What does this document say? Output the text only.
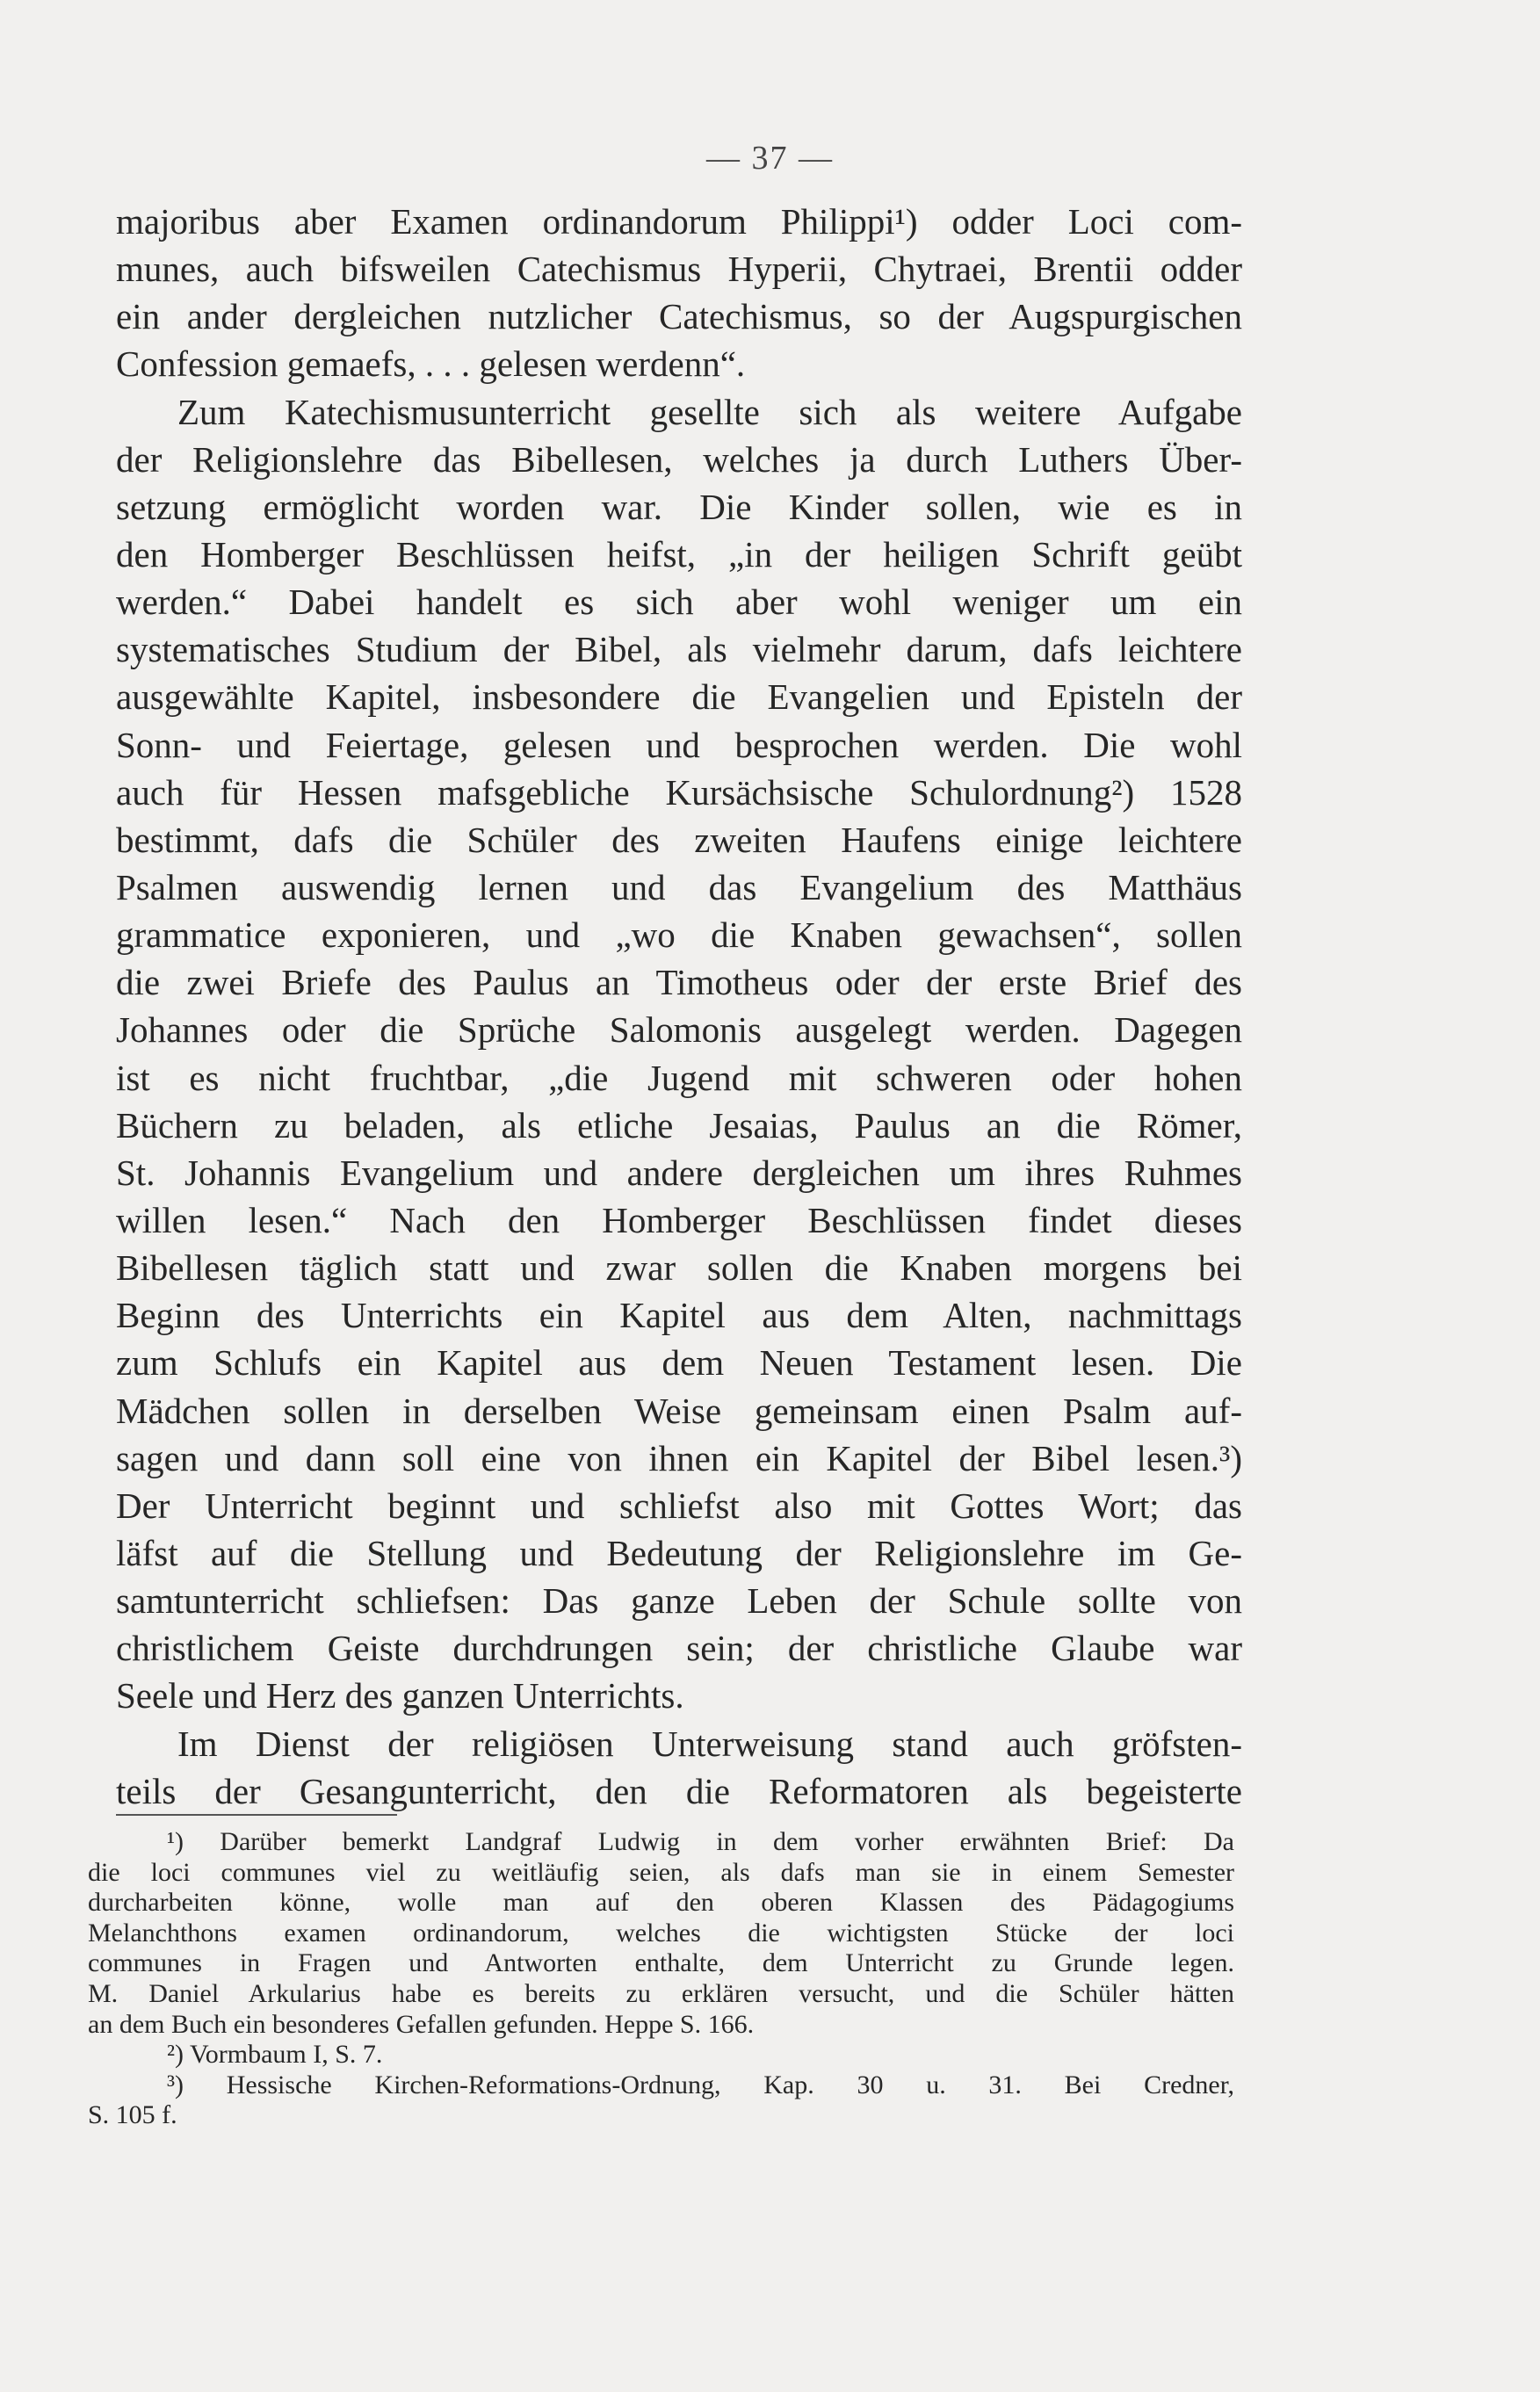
— 37 —
majoribus aber Examen ordinandorum Philippi¹) odder Loci com-
munes, auch bifsweilen Catechismus Hyperii, Chytraei, Brentii odder
ein ander dergleichen nutzlicher Catechismus, so der Augspurgischen
Confession gemaefs, . . . gelesen werdenn“.
Zum Katechismusunterricht gesellte sich als weitere Aufgabe
der Religionslehre das Bibellesen, welches ja durch Luthers Über-
setzung ermöglicht worden war. Die Kinder sollen, wie es in
den Homberger Beschlüssen heifst, „in der heiligen Schrift geübt
werden.“ Dabei handelt es sich aber wohl weniger um ein
systematisches Studium der Bibel, als vielmehr darum, dafs leichtere
ausgewählte Kapitel, insbesondere die Evangelien und Episteln der
Sonn- und Feiertage, gelesen und besprochen werden. Die wohl
auch für Hessen mafsgebliche Kursächsische Schulordnung²) 1528
bestimmt, dafs die Schüler des zweiten Haufens einige leichtere
Psalmen auswendig lernen und das Evangelium des Matthäus
grammatice exponieren, und „wo die Knaben gewachsen“, sollen
die zwei Briefe des Paulus an Timotheus oder der erste Brief des
Johannes oder die Sprüche Salomonis ausgelegt werden. Dagegen
ist es nicht fruchtbar, „die Jugend mit schweren oder hohen
Büchern zu beladen, als etliche Jesaias, Paulus an die Römer,
St. Johannis Evangelium und andere dergleichen um ihres Ruhmes
willen lesen.“ Nach den Homberger Beschlüssen findet dieses
Bibellesen täglich statt und zwar sollen die Knaben morgens bei
Beginn des Unterrichts ein Kapitel aus dem Alten, nachmittags
zum Schlufs ein Kapitel aus dem Neuen Testament lesen. Die
Mädchen sollen in derselben Weise gemeinsam einen Psalm auf-
sagen und dann soll eine von ihnen ein Kapitel der Bibel lesen.³)
Der Unterricht beginnt und schliefst also mit Gottes Wort; das
läfst auf die Stellung und Bedeutung der Religionslehre im Ge-
samtunterricht schliefsen: Das ganze Leben der Schule sollte von
christlichem Geiste durchdrungen sein; der christliche Glaube war
Seele und Herz des ganzen Unterrichts.
Im Dienst der religiösen Unterweisung stand auch gröfsten-
teils der Gesangunterricht, den die Reformatoren als begeisterte
¹) Darüber bemerkt Landgraf Ludwig in dem vorher erwähnten Brief: Da
die loci communes viel zu weitläufig seien, als dafs man sie in einem Semester
durcharbeiten könne, wolle man auf den oberen Klassen des Pädagogiums
Melanchthons examen ordinandorum, welches die wichtigsten Stücke der loci
communes in Fragen und Antworten enthalte, dem Unterricht zu Grunde legen.
M. Daniel Arkularius habe es bereits zu erklären versucht, und die Schüler hätten
an dem Buch ein besonderes Gefallen gefunden. Heppe S. 166.
²) Vormbaum I, S. 7.
³) Hessische Kirchen-Reformations-Ordnung, Kap. 30 u. 31. Bei Credner,
S. 105 f.
